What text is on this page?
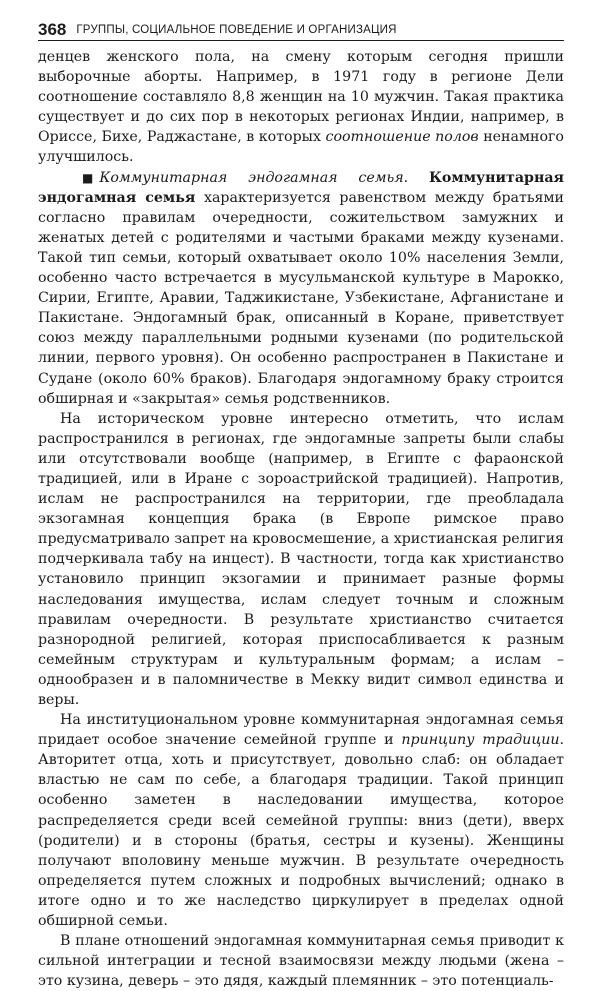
368 ГРУППЫ, СОЦИАЛЬНОЕ ПОВЕДЕНИЕ И ОРГАНИЗАЦИЯ

денцев женского пола, на смену которым сегодня пришли выборочные аборты. Например, в 1971 году в регионе Дели соотношение составляло 8,8 женщин на 10 мужчин. Такая практика существует и до сих пор в некоторых регионах Индии, например, в Ориссе, Бихе, Раджастане, в которых соотношение полов ненамного улучшилось.

■ Коммунитарная эндогамная семья. Коммунитарная эндогамная семья характеризуется равенством между братьями согласно правилам очередности, сожительством замужних и женатых детей с родителями и частыми браками между кузенами. Такой тип семьи, который охватывает около 10% населения Земли, особенно часто встречается в мусульманской культуре в Марокко, Сирии, Египте, Аравии, Таджикистане, Узбекистане, Афганистане и Пакистане. Эндогамный брак, описанный в Коране, приветствует союз между параллельными родными кузенами (по родительской линии, первого уровня). Он особенно распространен в Пакистане и Судане (около 60% браков). Благодаря эндогамному браку строится обширная и «закрытая» семья родственников.

На историческом уровне интересно отметить, что ислам распространился в регионах, где эндогамные запреты были слабы или отсутствовали вообще (например, в Египте с фараонской традицией, или в Иране с зороастрийской традицией). Напротив, ислам не распространился на территории, где преобладала экзогамная концепция брака (в Европе римское право предусматривало запрет на кровосмешение, а христианская религия подчеркивала табу на инцест). В частности, тогда как христианство установило принцип экзогамии и принимает разные формы наследования имущества, ислам следует точным и сложным правилам очередности. В результате христианство считается разнородной религией, которая приспосабливается к разным семейным структурам и культуральным формам; а ислам – однообразен и в паломничестве в Мекку видит символ единства и веры.

На институциональном уровне коммунитарная эндогамная семья придает особое значение семейной группе и принципу традиции. Авторитет отца, хоть и присутствует, довольно слаб: он обладает властью не сам по себе, а благодаря традиции. Такой принцип особенно заметен в наследовании имущества, которое распределяется среди всей семейной группы: вниз (дети), вверх (родители) и в стороны (братья, сестры и кузены). Женщины получают вполовину меньше мужчин. В результате очередность определяется путем сложных и подробных вычислений; однако в итоге одно и то же наследство циркулирует в пределах одной обширной семьи.

В плане отношений эндогамная коммунитарная семья приводит к сильной интеграции и тесной взаимосвязи между людьми (жена – это кузина, деверь – это дядя, каждый племянник – это потенциаль-
